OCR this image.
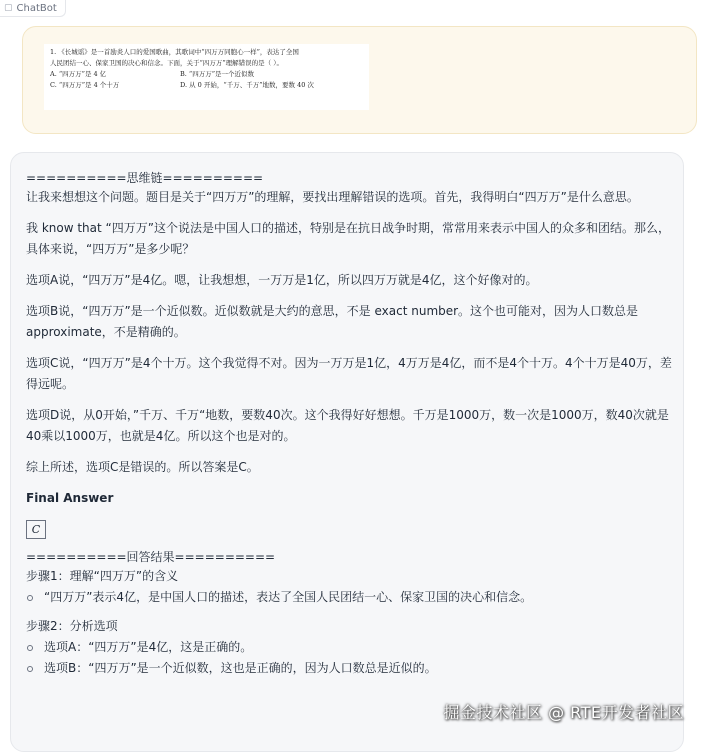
▢ ChatBot
1. 《长城谣》是一首励炎人口的爱国歌曲，其歌词中“四万万同胞心一样”，表达了全国
人民团结一心、保家卫国的决心和信念。下面，关于“四万万”理解错误的是（ ）。
A. “四万万”是 4 亿	B. “四万万”是一个近似数
C. “四万万”是 4 个十万	D. 从 0 开始，“千万、千万”地数，要数 40 次

==========思维链==========

让我来想想这个问题。题目是关于“四万万”的理解，要找出理解错误的选项。首先，我得明白“四万万”是什么意思。

我 know that “四万万”这个说法是中国人口的描述，特别是在抗日战争时期，常常用来表示中国人的众多和团结。那么，具体来说，“四万万”是多少呢？

选项A说，“四万万”是4亿。嗯，让我想想，一万万是1亿，所以四万万就是4亿，这个好像对的。

选项B说，“四万万”是一个近似数。近似数就是大约的意思，不是 exact number。这个也可能对，因为人口数总是 approximate，不是精确的。

选项C说，“四万万”是4个十万。这个我觉得不对。因为一万万是1亿，4万万是4亿，而不是4个十万。4个十万是40万，差得远呢。

选项D说，从0开始，”千万、千万“地数，要数40次。这个我得好好想想。千万是1000万，数一次是1000万，数40次就是40乘以1000万，也就是4亿。所以这个也是对的。

综上所述，选项C是错误的。所以答案是C。

Final Answer

C

==========回答结果==========

步骤1：理解“四万万”的含义

“四万万”表示4亿，是中国人口的描述，表达了全国人民团结一心、保家卫国的决心和信念。

步骤2：分析选项

选项A：“四万万”是4亿，这是正确的。
选项B：“四万万”是一个近似数，这也是正确的，因为人口数总是近似的。
掘金技术社区 @ RTE开发者社区
